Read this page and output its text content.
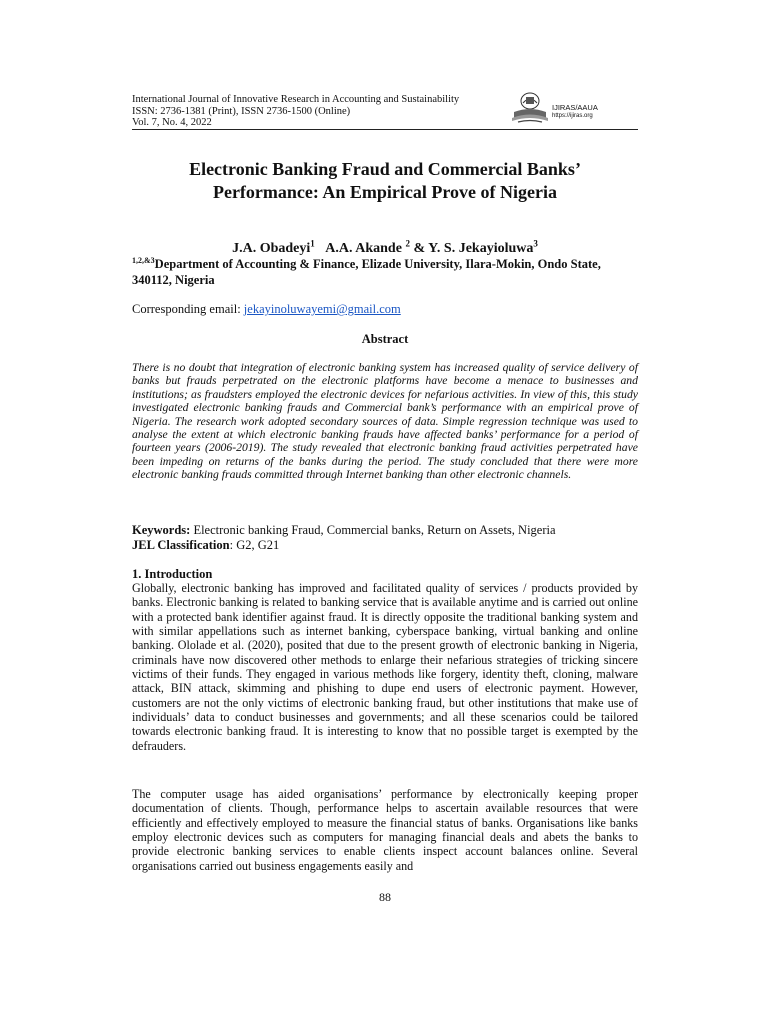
International Journal of Innovative Research in Accounting and Sustainability
ISSN: 2736-1381 (Print), ISSN 2736-1500 (Online)
Vol. 7, No. 4, 2022
IJIRAS/AAUA
https://ijiras.org
Electronic Banking Fraud and Commercial Banks’
Performance: An Empirical Prove of Nigeria
J.A. Obadeyi$^1$ A.A. Akande $^2$ & Y. S. Jekayioluwa$^3$
$^{1,2,\&3}$Department of Accounting & Finance, Elizade University, Ilara-Mokin, Ondo State, 340112, Nigeria
Corresponding email: jekayinoluwayemi@gmail.com
Abstract
There is no doubt that integration of electronic banking system has increased quality of service delivery of banks but frauds perpetrated on the electronic platforms have become a menace to businesses and institutions; as fraudsters employed the electronic devices for nefarious activities. In view of this, this study investigated electronic banking frauds and Commercial bank’s performance with an empirical prove of Nigeria. The research work adopted secondary sources of data. Simple regression technique was used to analyse the extent at which electronic banking frauds have affected banks’ performance for a period of fourteen years (2006-2019). The study revealed that electronic banking fraud activities perpetrated have been impeding on returns of the banks during the period. The study concluded that there were more electronic banking frauds committed through Internet banking than other electronic channels.
Keywords: Electronic banking Fraud, Commercial banks, Return on Assets, Nigeria
JEL Classification: G2, G21
1. Introduction
Globally, electronic banking has improved and facilitated quality of services / products provided by banks. Electronic banking is related to banking service that is available anytime and is carried out online with a protected bank identifier against fraud. It is directly opposite the traditional banking system and with similar appellations such as internet banking, cyberspace banking, virtual banking and online banking. Ololade et al. (2020), posited that due to the present growth of electronic banking in Nigeria, criminals have now discovered other methods to enlarge their nefarious strategies of tricking sincere victims of their funds. They engaged in various methods like forgery, identity theft, cloning, malware attack, BIN attack, skimming and phishing to dupe end users of electronic payment. However, customers are not the only victims of electronic banking fraud, but other institutions that make use of individuals’ data to conduct businesses and governments; and all these scenarios could be tailored towards electronic banking fraud. It is interesting to know that no possible target is exempted by the defrauders.
The computer usage has aided organisations’ performance by electronically keeping proper documentation of clients. Though, performance helps to ascertain available resources that were efficiently and effectively employed to measure the financial status of banks. Organisations like banks employ electronic devices such as computers for managing financial deals and abets the banks to provide electronic banking services to enable clients inspect account balances online. Several organisations carried out business engagements easily and
88
